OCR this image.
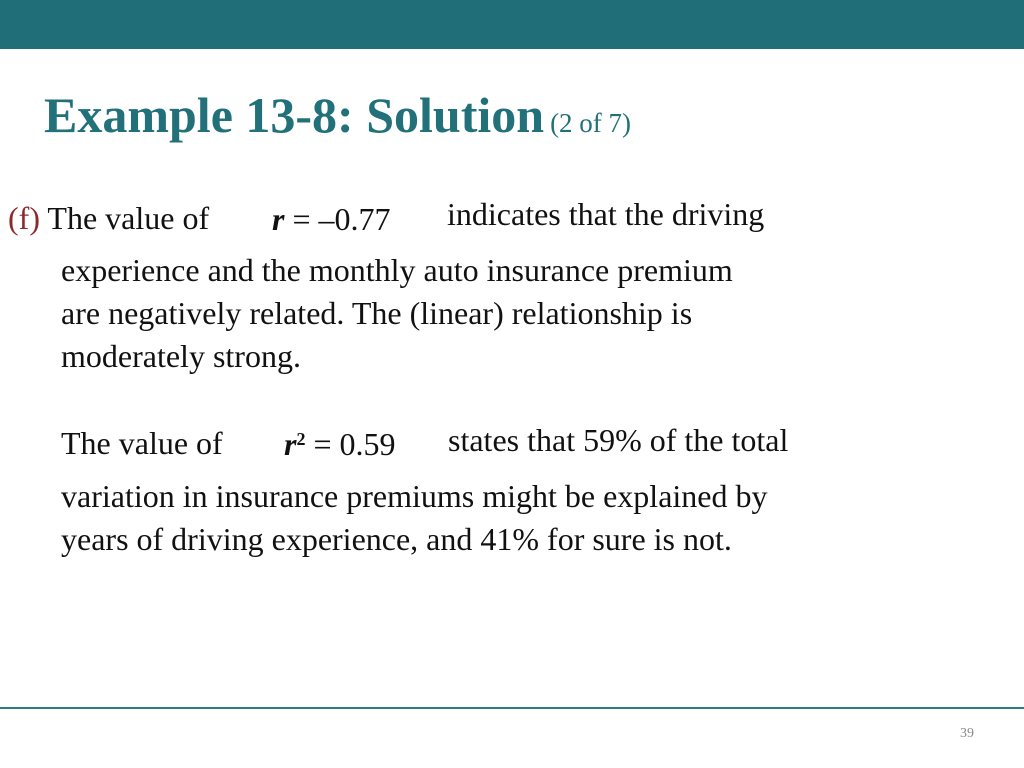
Example 13-8: Solution (2 of 7)
(f) The value of r = –0.77 indicates that the driving
experience and the monthly auto insurance premium
are negatively related. The (linear) relationship is
moderately strong.
The value of $r^2 = 0.59$ states that 59% of the total
variation in insurance premiums might be explained by
years of driving experience, and 41% for sure is not.
39
